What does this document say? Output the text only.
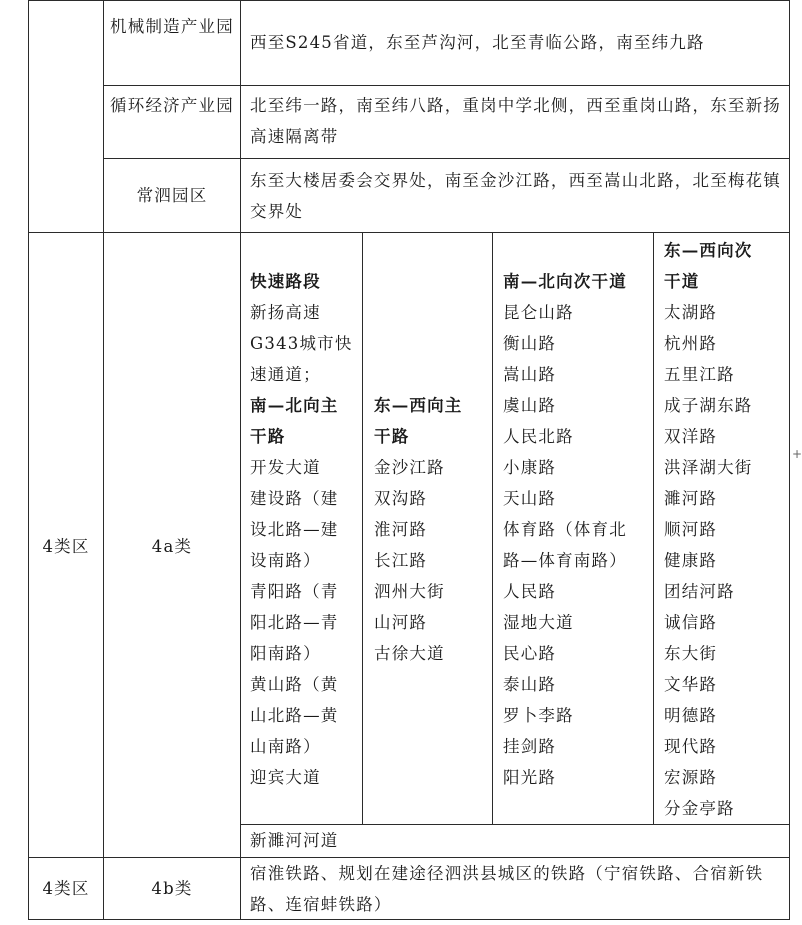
机械制造产业园
西至S245省道，东至芦沟河，北至青临公路，南至纬九路
循环经济产业园 北至纬一路，南至纬八路，重岗中学北侧，西至重岗山路，东至新扬高速隔离带
常泗园区
东至大楼居委会交界处，南至金沙江路，西至嵩山北路，北至梅花镇交界处
4类区	4a类
快速路段
新扬高速
G343城市快
速通道；
南—北向主
干路
开发大道
建设路（建
设北路—建
设南路）
青阳路（青
阳北路—青
阳南路）
黄山路（黄
山北路—黄
山南路）
迎宾大道
东—西向主
干路
金沙江路
双沟路
淮河路
长江路
泗州大街
山河路
古徐大道
南—北向次干道
昆仑山路
衡山路
嵩山路
虞山路
人民北路
小康路
天山路
体育路（体育北
路—体育南路）
人民路
湿地大道
民心路
泰山路
罗卜李路
挂剑路
阳光路
东—西向次
干道
太湖路
杭州路
五里江路
成子湖东路
双洋路
洪泽湖大街
濉河路
顺河路
健康路
团结河路
诚信路
东大街
文华路
明德路
现代路
宏源路
分金亭路
新濉河河道
4类区	4b类
宿淮铁路、规划在建途径泗洪县城区的铁路（宁宿铁路、合宿新铁路、连宿蚌铁路）
+
